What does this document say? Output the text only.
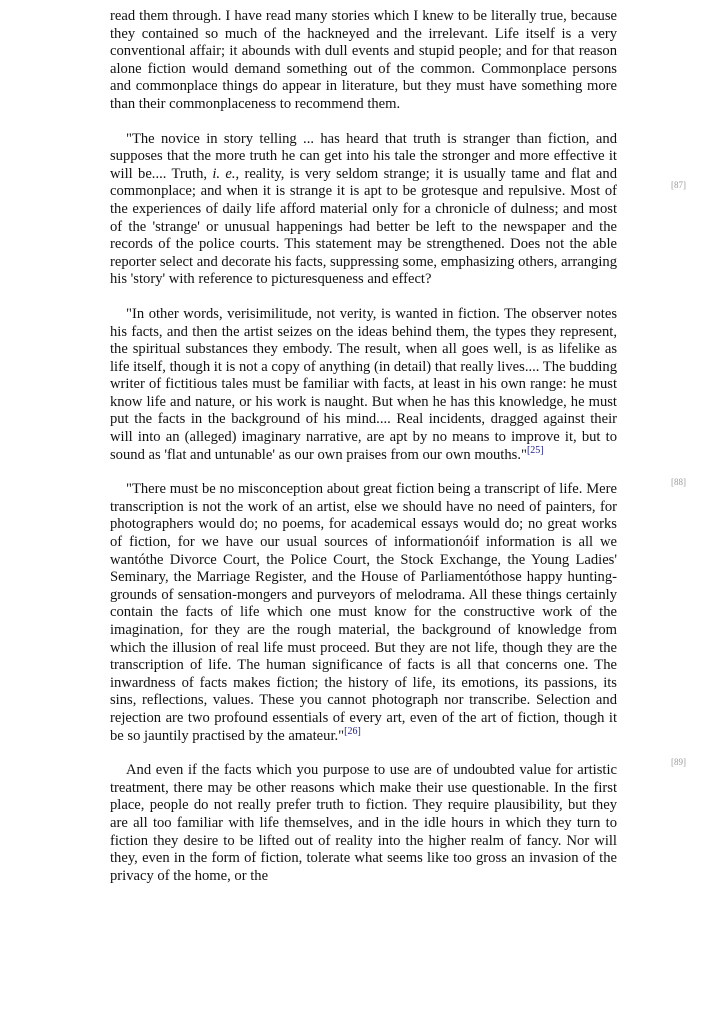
read them through. I have read many stories which I knew to be literally true, because they contained so much of the hackneyed and the irrelevant. Life itself is a very conventional affair; it abounds with dull events and stupid people; and for that reason alone fiction would demand something out of the common. Commonplace persons and commonplace things do appear in literature, but they must have something more than their commonplaceness to recommend them.

"The novice in story telling ... has heard that truth is stranger than fiction, and supposes that the more truth he can get into his tale the stronger and more effective it will be.... Truth, i. e., reality, is very seldom strange; it is usually tame and flat and commonplace; and when it is strange it is apt to be grotesque and repulsive. Most of the experiences of daily life afford material only for a chronicle of dulness; and most of the 'strange' or unusual happenings had better be left to the newspaper and the records of the police courts. This statement may be strengthened. Does not the able reporter select and decorate his facts, suppressing some, emphasizing others, arranging his 'story' with reference to picturesqueness and effect?

"In other words, verisimilitude, not verity, is wanted in fiction. The observer notes his facts, and then the artist seizes on the ideas behind them, the types they represent, the spiritual substances they embody. The result, when all goes well, is as lifelike as life itself, though it is not a copy of anything (in detail) that really lives.... The budding writer of fictitious tales must be familiar with facts, at least in his own range: he must know life and nature, or his work is naught. But when he has this knowledge, he must put the facts in the background of his mind.... Real incidents, dragged against their will into an (alleged) imaginary narrative, are apt by no means to improve it, but to sound as 'flat and untunable' as our own praises from our own mouths."[25]

"There must be no misconception about great fiction being a transcript of life. Mere transcription is not the work of an artist, else we should have no need of painters, for photographers would do; no poems, for academical essays would do; no great works of fiction, for we have our usual sources of informationóif information is all we wantóthe Divorce Court, the Police Court, the Stock Exchange, the Young Ladies' Seminary, the Marriage Register, and the House of Parliamentóthose happy hunting-grounds of sensation-mongers and purveyors of melodrama. All these things certainly contain the facts of life which one must know for the constructive work of the imagination, for they are the rough material, the background of knowledge from which the illusion of real life must proceed. But they are not life, though they are the transcription of life. The human significance of facts is all that concerns one. The inwardness of facts makes fiction; the history of life, its emotions, its passions, its sins, reflections, values. These you cannot photograph nor transcribe. Selection and rejection are two profound essentials of every art, even of the art of fiction, though it be so jauntily practised by the amateur."[26]

And even if the facts which you purpose to use are of undoubted value for artistic treatment, there may be other reasons which make their use questionable. In the first place, people do not really prefer truth to fiction. They require plausibility, but they are all too familiar with life themselves, and in the idle hours in which they turn to fiction they desire to be lifted out of reality into the higher realm of fancy. Nor will they, even in the form of fiction, tolerate what seems like too gross an invasion of the privacy of the home, or the

[87]
[88]
[89]
